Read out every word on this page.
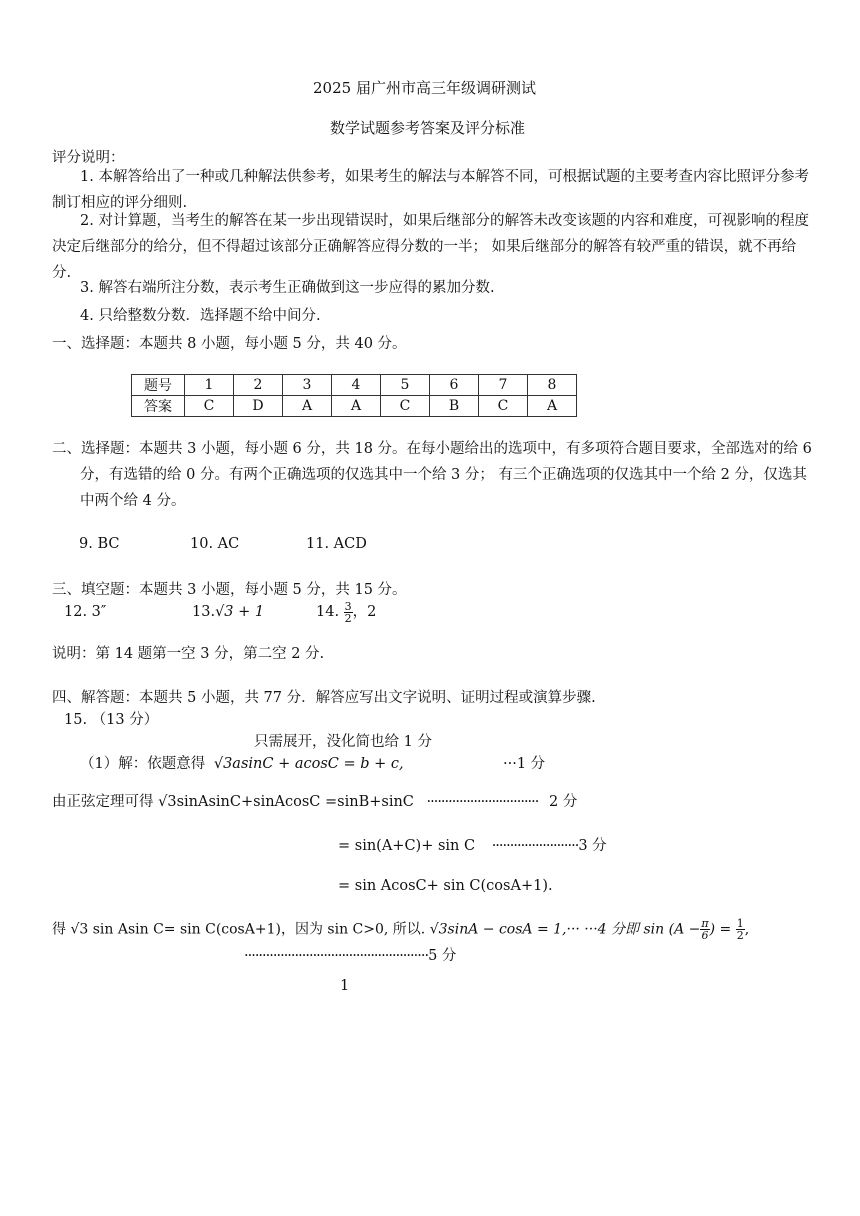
2025 届广州市高三年级调研测试
数学试题参考答案及评分标准
评分说明：
1. 本解答给出了一种或几种解法供参考，如果考生的解法与本解答不同，可根据试题的主要考查内容比照评分参考制订相应的评分细则.
2. 对计算题，当考生的解答在某一步出现错误时，如果后继部分的解答未改变该题的内容和难度，可视影响的程度决定后继部分的给分，但不得超过该部分正确解答应得分数的一半； 如果后继部分的解答有较严重的错误，就不再给分.
3. 解答右端所注分数，表示考生正确做到这一步应得的累加分数.
4. 只给整数分数．选择题不给中间分.
一、选择题：本题共 8 小题，每小题 5 分，共 40 分。
题号	1	2	3	4	5	6	7	8
答案	C	D	A	A	C	B	C	A
二、选择题：本题共 3 小题，每小题 6 分，共 18 分。在每小题给出的选项中，有多项符合题目要求，全部选对的给 6 分，有选错的给 0 分。有两个正确选项的仅选其中一个给 3 分； 有三个正确选项的仅选其中一个给 2 分，仅选其中两个给 4 分。
9. BC	10. AC	11. ACD
三、填空题：本题共 3 小题，每小题 5 分，共 15 分。
12. 3″	13.√3 + 1	14. $\frac{3}{2}$ ，2
说明：第 14 题第一空 3 分，第二空 2 分.
四、解答题：本题共 5 小题，共 77 分．解答应写出文字说明、证明过程或演算步骤.
15. （13 分）
只需展开，没化简也给 1 分
（1）解：依题意得 √3asinC + acosC = b + c,	···1 分
由正弦定理可得 √3sinAsinC+sinAcosC =sinB+sinC ······························· 2 分
= sin(A+C)+ sin C ························3 分
= sin AcosC+ sin C(cosA+1).
得 √3 sin Asin C= sin C(cosA+1)，因为 sin C>0, 所以. √3sinA − cosA = 1,··· ···4 分即 $\sin (A - \frac{\pi}{6}$ ) = $\frac{1}{2}$ ,
···················································5 分
1
